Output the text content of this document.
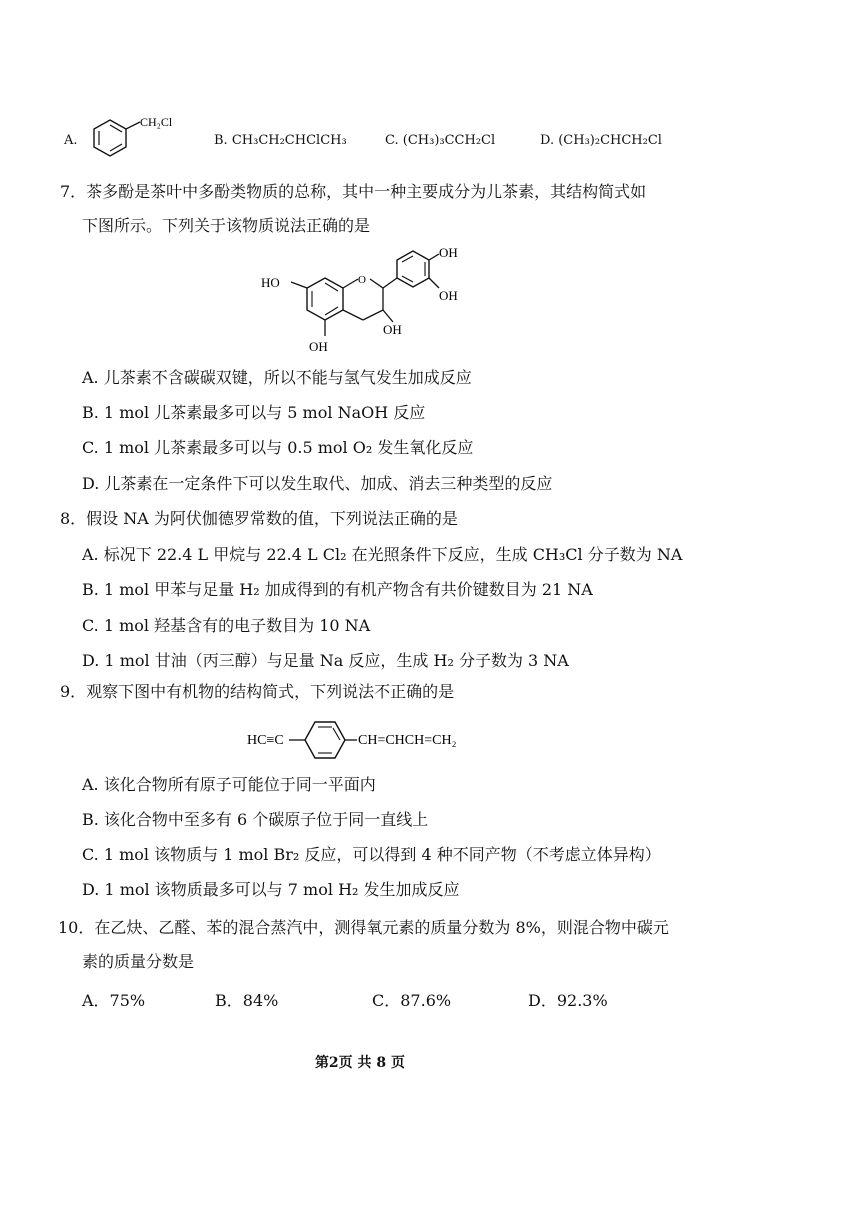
A.
CH₂Cl
B. CH₃CH₂CHClCH₃	C. (CH₃)₃CCH₂Cl	D. (CH₃)₂CHCH₂Cl
7．茶多酚是茶叶中多酚类物质的总称，其中一种主要成分为儿茶素，其结构简式如
下图所示。下列关于该物质说法正确的是
O
HO
OH
OH
OH
OH
A. 儿茶素不含碳碳双键，所以不能与氢气发生加成反应
B. 1 mol 儿茶素最多可以与 5 mol NaOH 反应
C. 1 mol 儿茶素最多可以与 0.5 mol O₂ 发生氧化反应
D. 儿茶素在一定条件下可以发生取代、加成、消去三种类型的反应
8．假设 NA 为阿伏伽德罗常数的值，下列说法正确的是
A. 标况下 22.4 L 甲烷与 22.4 L Cl₂ 在光照条件下反应，生成 CH₃Cl 分子数为 NA
B. 1 mol 甲苯与足量 H₂ 加成得到的有机产物含有共价键数目为 21 NA
C. 1 mol 羟基含有的电子数目为 10 NA
D. 1 mol 甘油（丙三醇）与足量 Na 反应，生成 H₂ 分子数为 3 NA
9．观察下图中有机物的结构简式，下列说法不正确的是
HC≡C	CH=CHCH=CH₂
A. 该化合物所有原子可能位于同一平面内
B. 该化合物中至多有 6 个碳原子位于同一直线上
C. 1 mol 该物质与 1 mol Br₂ 反应，可以得到 4 种不同产物（不考虑立体异构）
D. 1 mol 该物质最多可以与 7 mol H₂ 发生加成反应
10．在乙炔、乙醛、苯的混合蒸汽中，测得氧元素的质量分数为 8%，则混合物中碳元
素的质量分数是
A．75%	B．84%	C．87.6%	D．92.3%
第2页 共 8 页
